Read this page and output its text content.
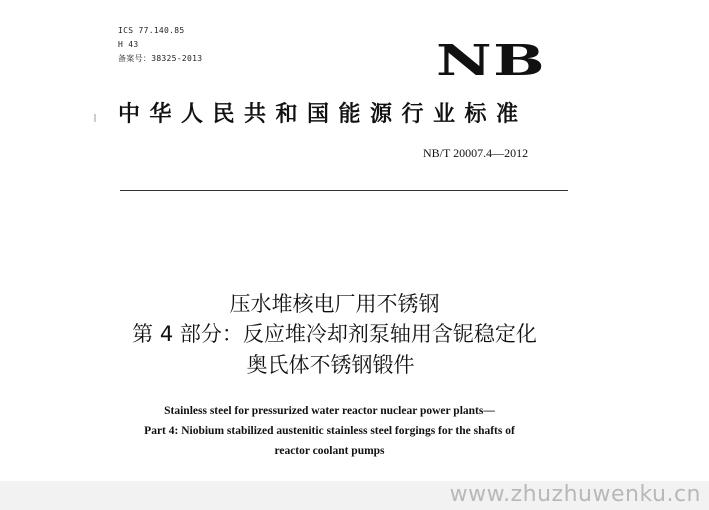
ICS 77.140.85
H 43
备案号：38325-2013	NB
中华人民共和国能源行业标准
NB/T 20007.4—2012
压水堆核电厂用不锈钢
第 4 部分：反应堆冷却剂泵轴用含铌稳定化
奥氏体不锈钢锻件
Stainless steel for pressurized water reactor nuclear power plants—
Part 4: Niobium stabilized austenitic stainless steel forgings for the shafts of
reactor coolant pumps
www.zhuzhuwenku.cn
